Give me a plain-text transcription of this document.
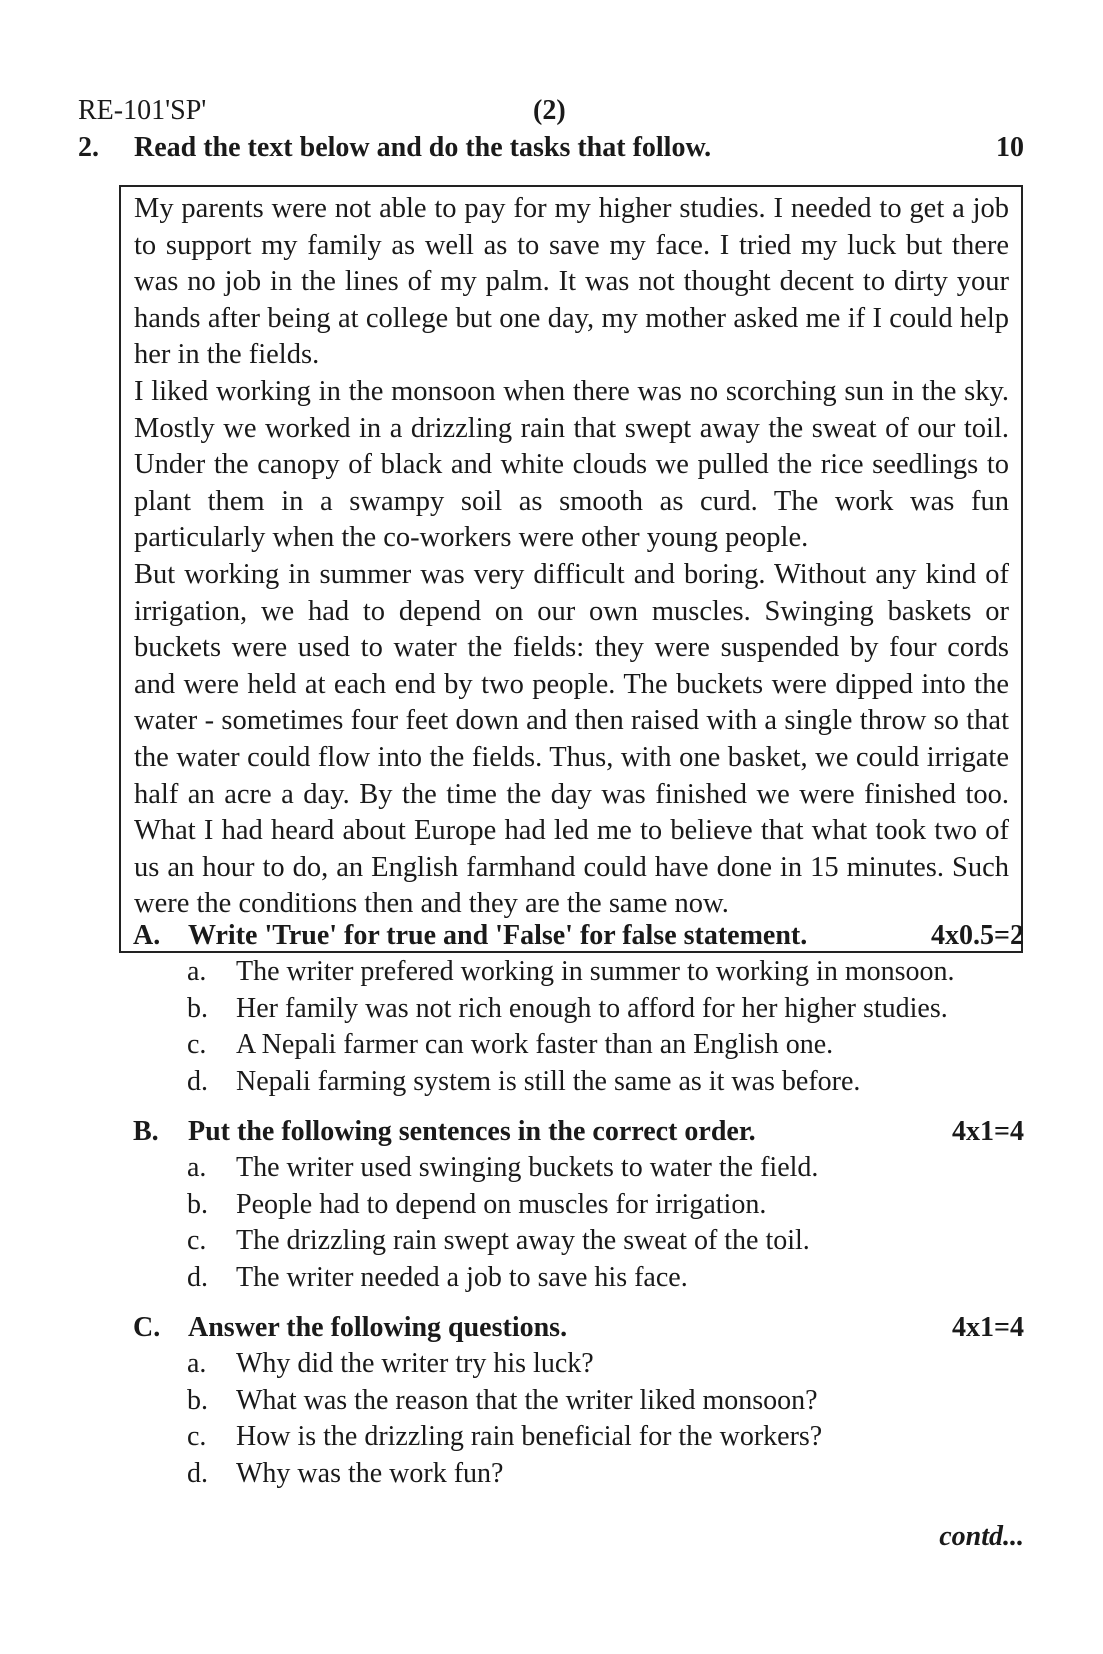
RE-101'SP'	(2)
2. Read the text below and do the tasks that follow.	10

My parents were not able to pay for my higher studies. I needed to get a job to support my family as well as to save my face. I tried my luck but there was no job in the lines of my palm. It was not thought decent to dirty your hands after being at college but one day, my mother asked me if I could help her in the fields.

I liked working in the monsoon when there was no scorching sun in the sky. Mostly we worked in a drizzling rain that swept away the sweat of our toil. Under the canopy of black and white clouds we pulled the rice seedlings to plant them in a swampy soil as smooth as curd. The work was fun particularly when the co-workers were other young people.

But working in summer was very difficult and boring. Without any kind of irrigation, we had to depend on our own muscles. Swinging baskets or buckets were used to water the fields: they were suspended by four cords and were held at each end by two people. The buckets were dipped into the water - sometimes four feet down and then raised with a single throw so that the water could flow into the fields. Thus, with one basket, we could irrigate half an acre a day. By the time the day was finished we were finished too. What I had heard about Europe had led me to believe that what took two of us an hour to do, an English farmhand could have done in 15 minutes. Such were the conditions then and they are the same now.

A. Write 'True' for true and 'False' for false statement.	4x0.5=2
a. The writer prefered working in summer to working in monsoon.
b. Her family was not rich enough to afford for her higher studies.
c. A Nepali farmer can work faster than an English one.
d. Nepali farming system is still the same as it was before.
B. Put the following sentences in the correct order.	4x1=4
a. The writer used swinging buckets to water the field.
b. People had to depend on muscles for irrigation.
c. The drizzling rain swept away the sweat of the toil.
d. The writer needed a job to save his face.
C. Answer the following questions.	4x1=4
a. Why did the writer try his luck?
b. What was the reason that the writer liked monsoon?
c. How is the drizzling rain beneficial for the workers?
d. Why was the work fun?
contd...
